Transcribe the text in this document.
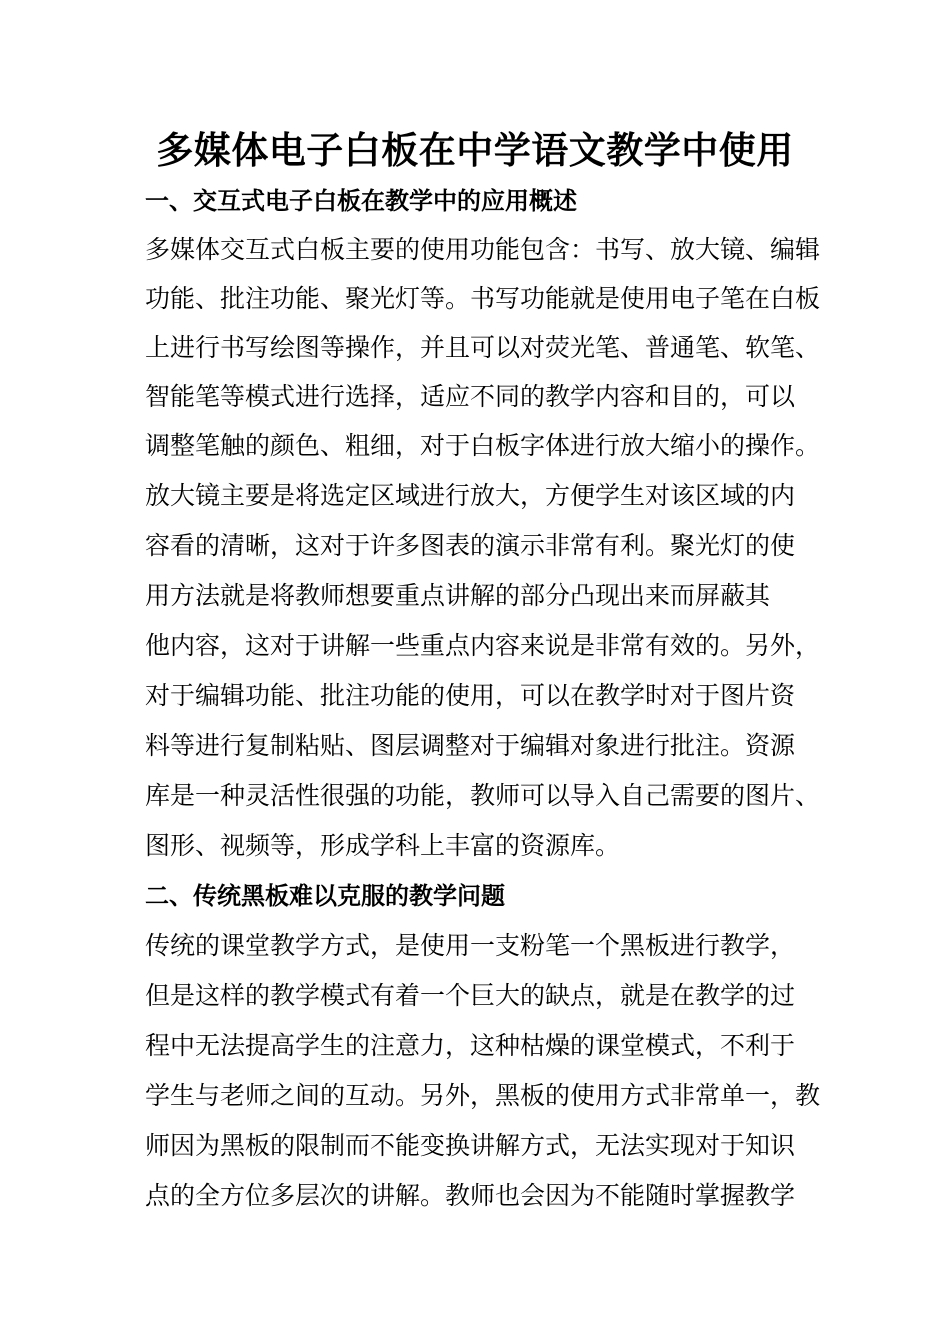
多媒体电子白板在中学语文教学中使用
一、交互式电子白板在教学中的应用概述
多媒体交互式白板主要的使用功能包含：书写、放大镜、编辑
功能、批注功能、聚光灯等。书写功能就是使用电子笔在白板
上进行书写绘图等操作，并且可以对荧光笔、普通笔、软笔、
智能笔等模式进行选择，适应不同的教学内容和目的，可以
调整笔触的颜色、粗细，对于白板字体进行放大缩小的操作。
放大镜主要是将选定区域进行放大，方便学生对该区域的内
容看的清晰，这对于许多图表的演示非常有利。聚光灯的使
用方法就是将教师想要重点讲解的部分凸现出来而屏蔽其
他内容，这对于讲解一些重点内容来说是非常有效的。另外，
对于编辑功能、批注功能的使用，可以在教学时对于图片资
料等进行复制粘贴、图层调整对于编辑对象进行批注。资源
库是一种灵活性很强的功能，教师可以导入自己需要的图片、
图形、视频等，形成学科上丰富的资源库。
二、传统黑板难以克服的教学问题
传统的课堂教学方式，是使用一支粉笔一个黑板进行教学，
但是这样的教学模式有着一个巨大的缺点，就是在教学的过
程中无法提高学生的注意力，这种枯燥的课堂模式，不利于
学生与老师之间的互动。另外，黑板的使用方式非常单一，教
师因为黑板的限制而不能变换讲解方式，无法实现对于知识
点的全方位多层次的讲解。教师也会因为不能随时掌握教学
